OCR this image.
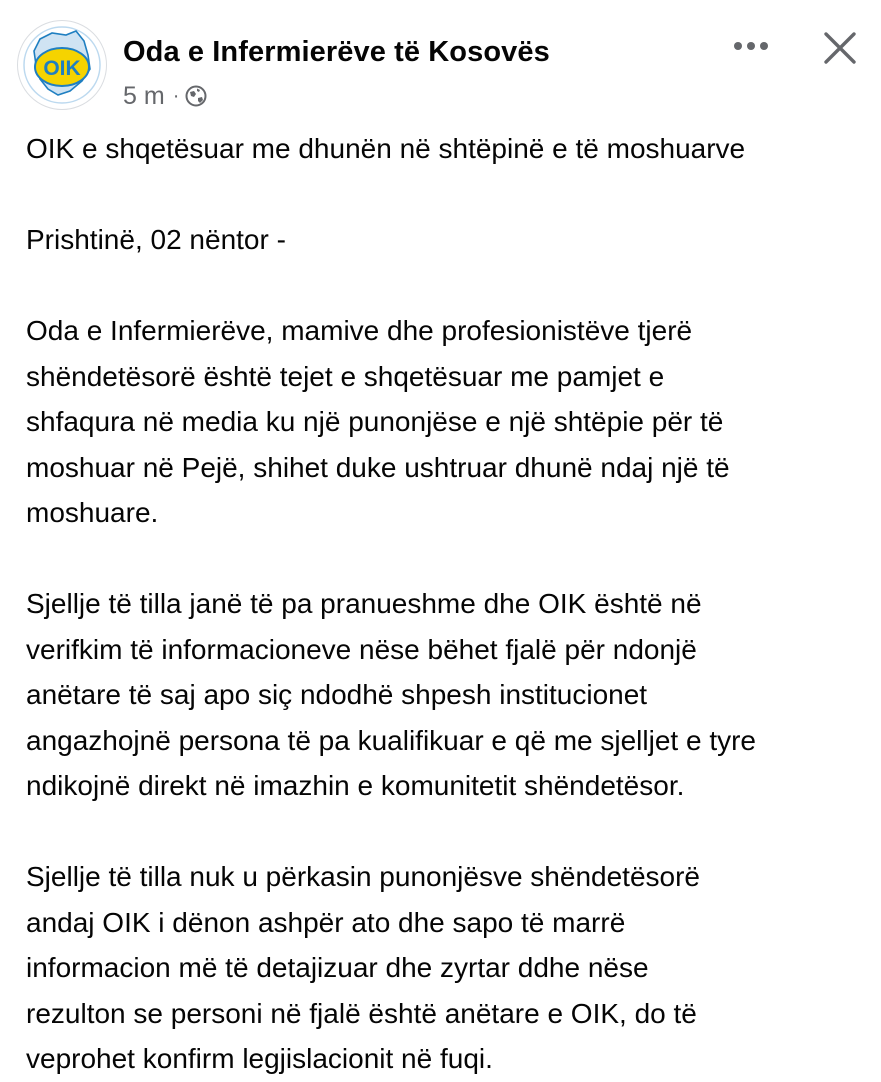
OIK
Oda e Infermierëve të Kosovës
5 m ·

OIK e shqetësuar me dhunën në shtëpinë e të moshuarve

Prishtinë, 02 nëntor -

Oda e Infermierëve, mamive dhe profesionistëve tjerë
shëndetësorë është tejet e shqetësuar me pamjet e
shfaqura në media ku një punonjëse e një shtëpie për të
moshuar në Pejë, shihet duke ushtruar dhunë ndaj një të
moshuare.

Sjellje të tilla janë të pa pranueshme dhe OIK është në
verifkim të informacioneve nëse bëhet fjalë për ndonjë
anëtare të saj apo siç ndodhë shpesh institucionet
angazhojnë persona të pa kualifikuar e që me sjelljet e tyre
ndikojnë direkt në imazhin e komunitetit shëndetësor.

Sjellje të tilla nuk u përkasin punonjësve shëndetësorë
andaj OIK i dënon ashpër ato dhe sapo të marrë
informacion më të detajizuar dhe zyrtar ddhe nëse
rezulton se personi në fjalë është anëtare e OIK, do të
veprohet konfirm legjislacionit në fuqi.
